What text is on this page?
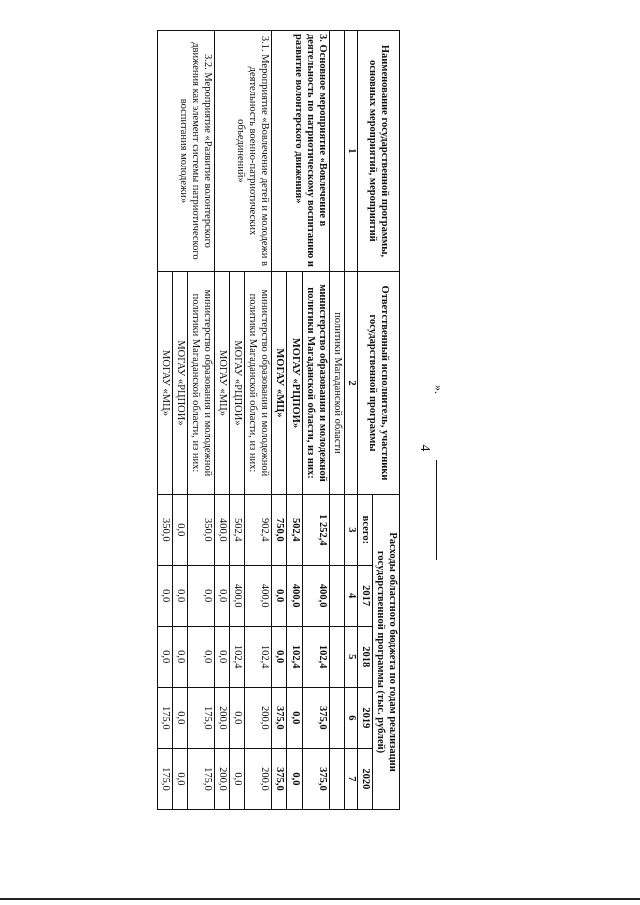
4
Наименование государственной программы, основных мероприятий, мероприятий	Ответственный исполнитель, участники государственной программы	Расходы областного бюджета по годам реализации государственной программы (тыс. рублей)				
		всего:	2017	2018	2019	2020
1	2	3	4	5	6	7
	политики Магаданской области					
3. Основное мероприятие «Вовлечение в деятельность по патриотическому воспитанию и развитие волонтерского движения»	министерство образования и молодежной политики Магаданской области, из них:	1 252,4	400,0	102,4	375,0	375,0
	МОГАУ «РЦПОИ»	502,4	400,0	102,4	0,0	0,0
	МОГАУ «МЦ»	750,0	0,0	0,0	375,0	375,0
3.1. Мероприятие «Вовлечение детей и молодежи в деятельность военно-патриотических объединений»	министерство образования и молодежной политики Магаданской области, из них:	902,4	400,0	102,4	200,0	200,0
	МОГАУ «РЦПОИ»	502,4	400,0	102,4	0,0	0,0
	МОГАУ «МЦ»	400,0	0,0	0,0	200,0	200,0
3.2. Мероприятие «Развитие волонтерского движения как элемент системы патриотического воспитания молодежи»	министерство образования и молодежной политики Магаданской области, из них:	350,0	0,0	0,0	175,0	175,0
	МОГАУ «РЦПОИ»	0,0	0,0	0,0	0,0	0,0
	МОГАУ «МЦ»	350,0	0,0	0,0	175,0	175,0
».
